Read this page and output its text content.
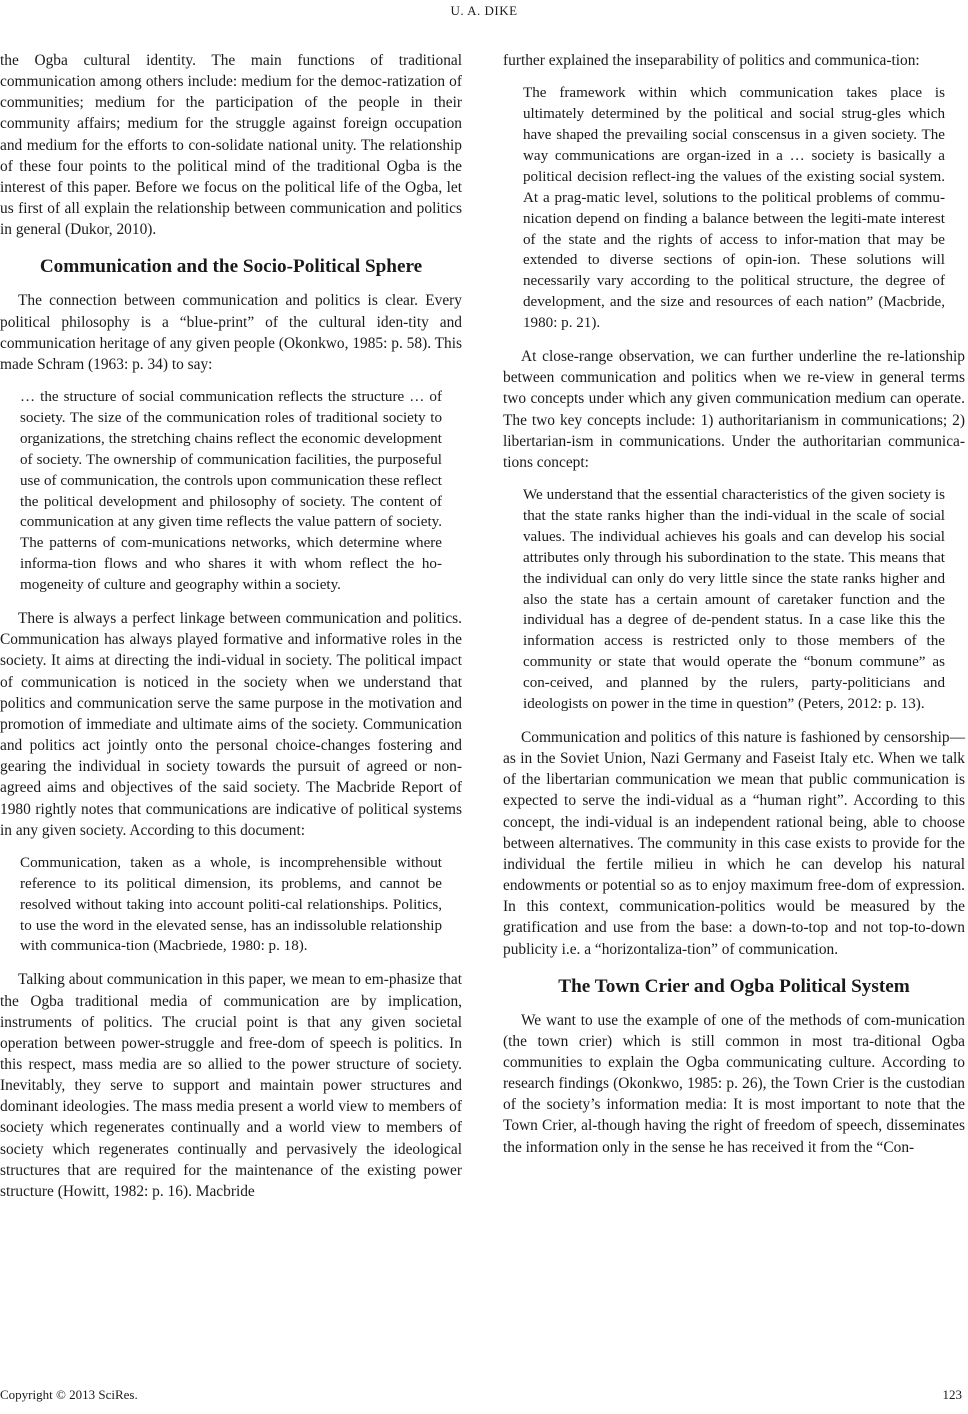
U. A. DIKE

the Ogba cultural identity. The main functions of traditional communication among others include: medium for the democ-ratization of communities; medium for the participation of the people in their community affairs; medium for the struggle against foreign occupation and medium for the efforts to con-solidate national unity. The relationship of these four points to the political mind of the traditional Ogba is the interest of this paper. Before we focus on the political life of the Ogba, let us first of all explain the relationship between communication and politics in general (Dukor, 2010).

Communication and the Socio-Political Sphere

The connection between communication and politics is clear. Every political philosophy is a “blue-print” of the cultural iden-tity and communication heritage of any given people (Okonkwo, 1985: p. 58). This made Schram (1963: p. 34) to say:

… the structure of social communication reflects the structure … of society. The size of the communication roles of traditional society to organizations, the stretching chains reflect the economic development of society. The ownership of communication facilities, the purposeful use of communication, the controls upon communication these reflect the political development and philosophy of society. The content of communication at any given time reflects the value pattern of society. The patterns of com-munications networks, which determine where informa-tion flows and who shares it with whom reflect the ho-mogeneity of culture and geography within a society.

There is always a perfect linkage between communication and politics. Communication has always played formative and informative roles in the society. It aims at directing the indi-vidual in society. The political impact of communication is noticed in the society when we understand that politics and communication serve the same purpose in the motivation and promotion of immediate and ultimate aims of the society. Communication and politics act jointly onto the personal choice-changes fostering and gearing the individual in society towards the pursuit of agreed or non-agreed aims and objectives of the said society. The Macbride Report of 1980 rightly notes that communications are indicative of political systems in any given society. According to this document:

Communication, taken as a whole, is incomprehensible without reference to its political dimension, its problems, and cannot be resolved without taking into account politi-cal relationships. Politics, to use the word in the elevated sense, has an indissoluble relationship with communica-tion (Macbriede, 1980: p. 18).

Talking about communication in this paper, we mean to em-phasize that the Ogba traditional media of communication are by implication, instruments of politics. The crucial point is that any given societal operation between power-struggle and free-dom of speech is politics. In this respect, mass media are so allied to the power structure of society. Inevitably, they serve to support and maintain power structures and dominant ideologies. The mass media present a world view to members of society which regenerates continually and a world view to members of society which regenerates continually and pervasively the ideological structures that are required for the maintenance of the existing power structure (Howitt, 1982: p. 16). Macbride

further explained the inseparability of politics and communica-tion:

The framework within which communication takes place is ultimately determined by the political and social strug-gles which have shaped the prevailing social conscensus in a given society. The way communications are organ-ized in a … society is basically a political decision reflect-ing the values of the existing social system. At a prag-matic level, solutions to the political problems of commu-nication depend on finding a balance between the legiti-mate interest of the state and the rights of access to infor-mation that may be extended to diverse sections of opin-ion. These solutions will necessarily vary according to the political structure, the degree of development, and the size and resources of each nation” (Macbride, 1980: p. 21).

At close-range observation, we can further underline the re-lationship between communication and politics when we re-view in general terms two concepts under which any given communication medium can operate. The two key concepts include: 1) authoritarianism in communications; 2) libertarian-ism in communications. Under the authoritarian communica-tions concept:

We understand that the essential characteristics of the given society is that the state ranks higher than the indi-vidual in the scale of social values. The individual achieves his goals and can develop his social attributes only through his subordination to the state. This means that the individual can only do very little since the state ranks higher and also the state has a certain amount of caretaker function and the individual has a degree of de-pendent status. In a case like this the information access is restricted only to those members of the community or state that would operate the “bonum commune” as con-ceived, and planned by the rulers, party-politicians and ideologists on power in the time in question” (Peters, 2012: p. 13).

Communication and politics of this nature is fashioned by censorship—as in the Soviet Union, Nazi Germany and Faseist Italy etc. When we talk of the libertarian communication we mean that public communication is expected to serve the indi-vidual as a “human right”. According to this concept, the indi-vidual is an independent rational being, able to choose between alternatives. The community in this case exists to provide for the individual the fertile milieu in which he can develop his natural endowments or potential so as to enjoy maximum free-dom of expression. In this context, communication-politics would be measured by the gratification and use from the base: a down-to-top and not top-to-down publicity i.e. a “horizontaliza-tion” of communication.

The Town Crier and Ogba Political System

We want to use the example of one of the methods of com-munication (the town crier) which is still common in most tra-ditional Ogba communities to explain the Ogba communicating culture. According to research findings (Okonkwo, 1985: p. 26), the Town Crier is the custodian of the society’s information media: It is most important to note that the Town Crier, al-though having the right of freedom of speech, disseminates the information only in the sense he has received it from the “Con-

Copyright © 2013 SciRes.	123
